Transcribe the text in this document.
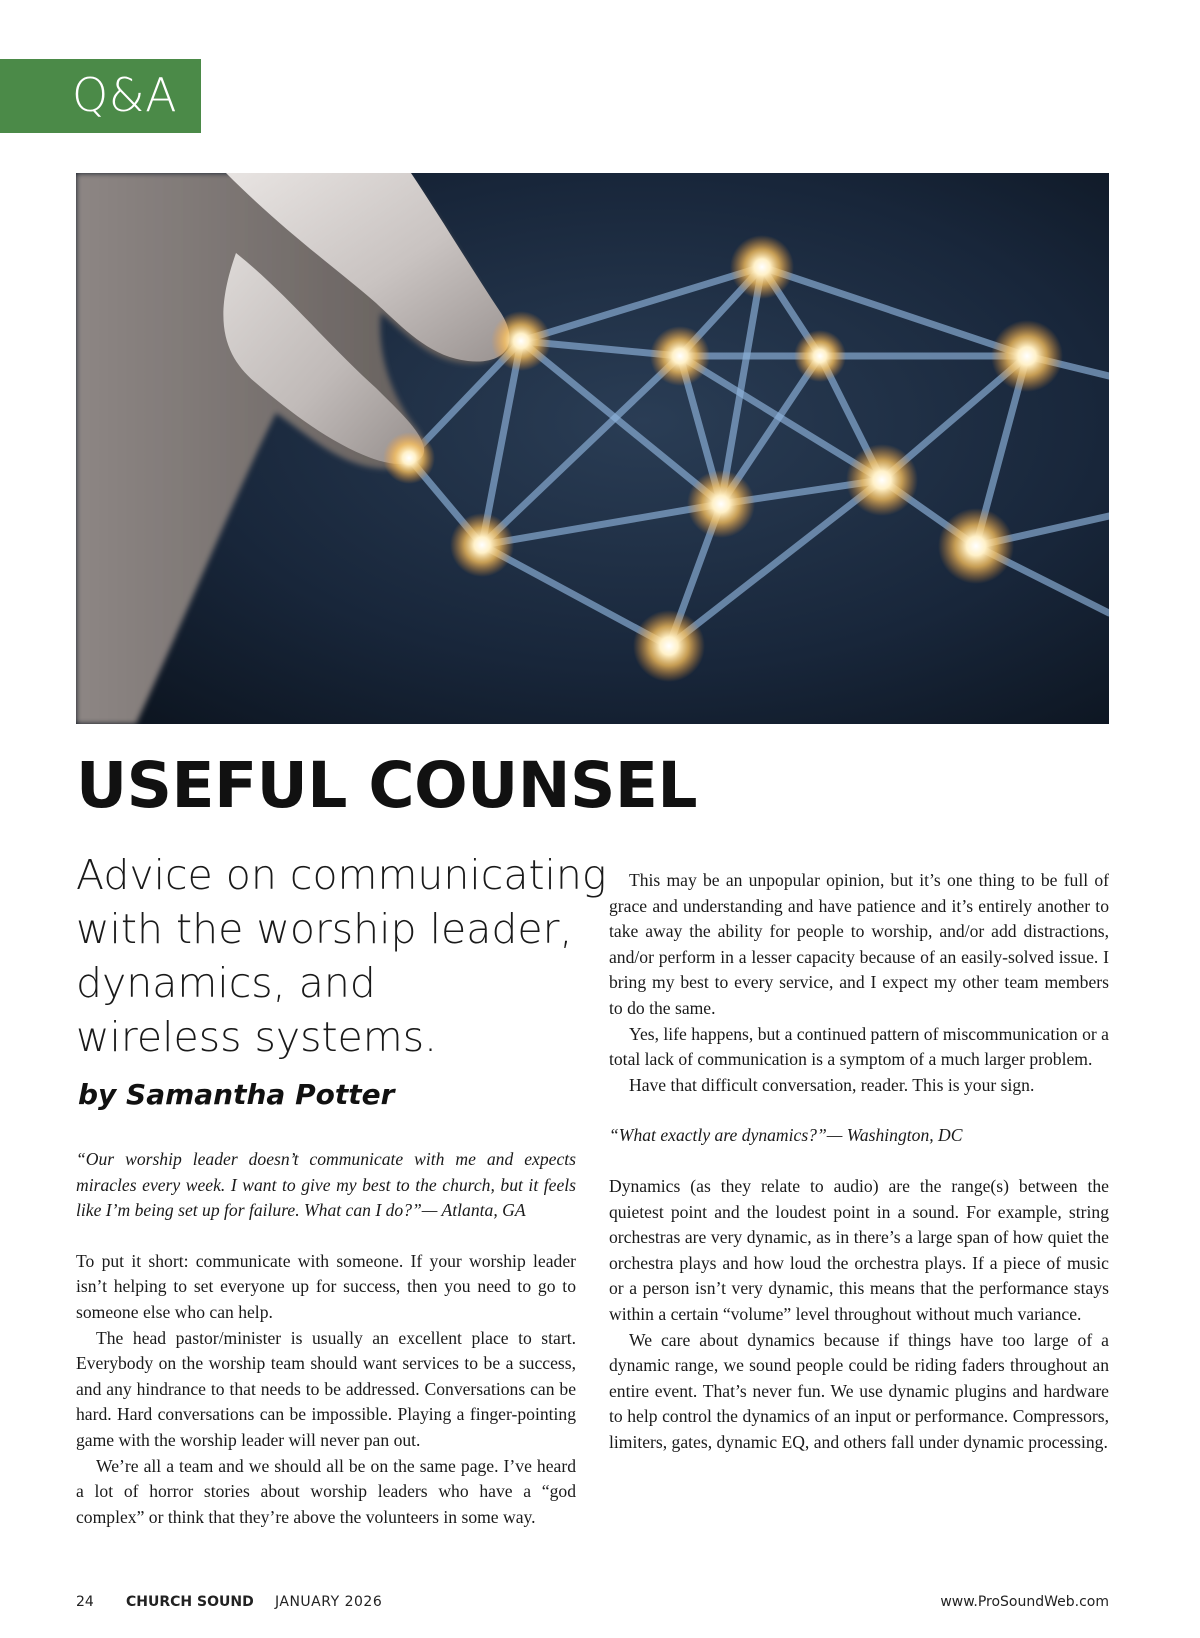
Q&A
USEFUL COUNSEL
Advice on communicating
with the worship leader,
dynamics, and
wireless systems.
by Samantha Potter

“Our worship leader doesn’t communicate with me and expects miracles every week. I want to give my best to the church, but it feels like I’m being set up for failure. What can I do?”— Atlanta, GA

To put it short: communicate with someone. If your worship leader isn’t helping to set everyone up for success, then you need to go to someone else who can help.

The head pastor/minister is usually an excellent place to start. Everybody on the worship team should want services to be a success, and any hindrance to that needs to be addressed. Conversations can be hard. Hard conversations can be impossible. Playing a finger-pointing game with the worship leader will never pan out.

We’re all a team and we should all be on the same page. I’ve heard a lot of horror stories about worship leaders who have a “god complex” or think that they’re above the volunteers in some way.

This may be an unpopular opinion, but it’s one thing to be full of grace and understanding and have patience and it’s entirely another to take away the ability for people to worship, and/or add distractions, and/or perform in a lesser capacity because of an easily-solved issue. I bring my best to every service, and I expect my other team members to do the same.

Yes, life happens, but a continued pattern of miscommunication or a total lack of communication is a symptom of a much larger problem.

Have that difficult conversation, reader. This is your sign.

“What exactly are dynamics?”— Washington, DC

Dynamics (as they relate to audio) are the range(s) between the quietest point and the loudest point in a sound. For example, string orchestras are very dynamic, as in there’s a large span of how quiet the orchestra plays and how loud the orchestra plays. If a piece of music or a person isn’t very dynamic, this means that the performance stays within a certain “volume” level throughout without much variance.

We care about dynamics because if things have too large of a dynamic range, we sound people could be riding faders throughout an entire event. That’s never fun. We use dynamic plugins and hardware to help control the dynamics of an input or performance. Compressors, limiters, gates, dynamic EQ, and others fall under dynamic processing.

24 CHURCH SOUND JANUARY 2026	www.ProSoundWeb.com
